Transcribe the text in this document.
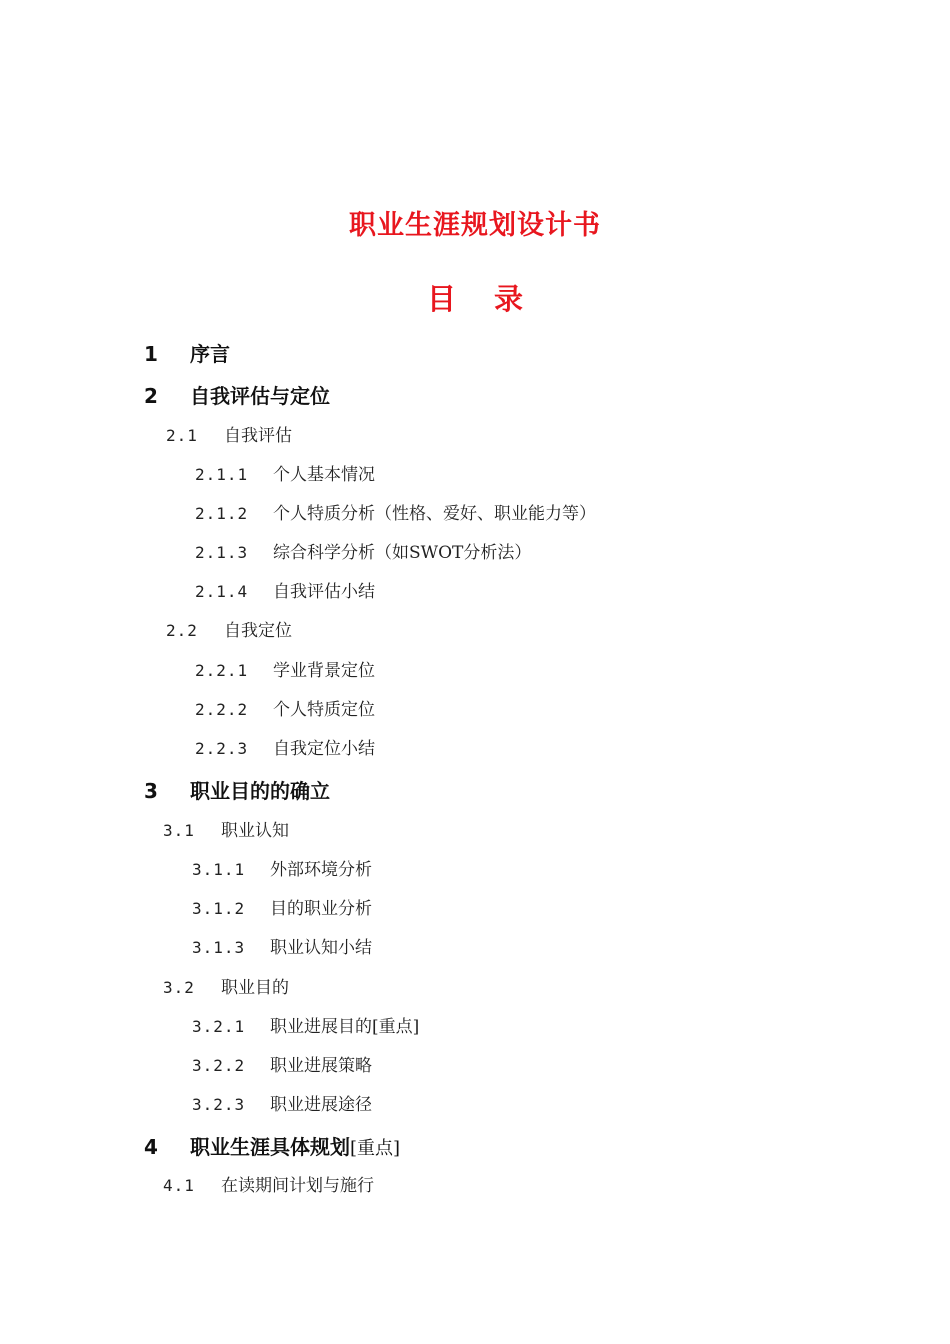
职业生涯规划设计书
目 录
1 序言
2 自我评估与定位
2.1 自我评估
2.1.1 个人基本情况
2.1.2 个人特质分析（性格、爱好、职业能力等）
2.1.3 综合科学分析（如SWOT分析法）
2.1.4 自我评估小结
2.2 自我定位
2.2.1 学业背景定位
2.2.2 个人特质定位
2.2.3 自我定位小结
3 职业目的的确立
3.1 职业认知
3.1.1 外部环境分析
3.1.2 目的职业分析
3.1.3 职业认知小结
3.2 职业目的
3.2.1 职业进展目的[重点]
3.2.2 职业进展策略
3.2.3 职业进展途径
4 职业生涯具体规划[重点]
4.1 在读期间计划与施行
